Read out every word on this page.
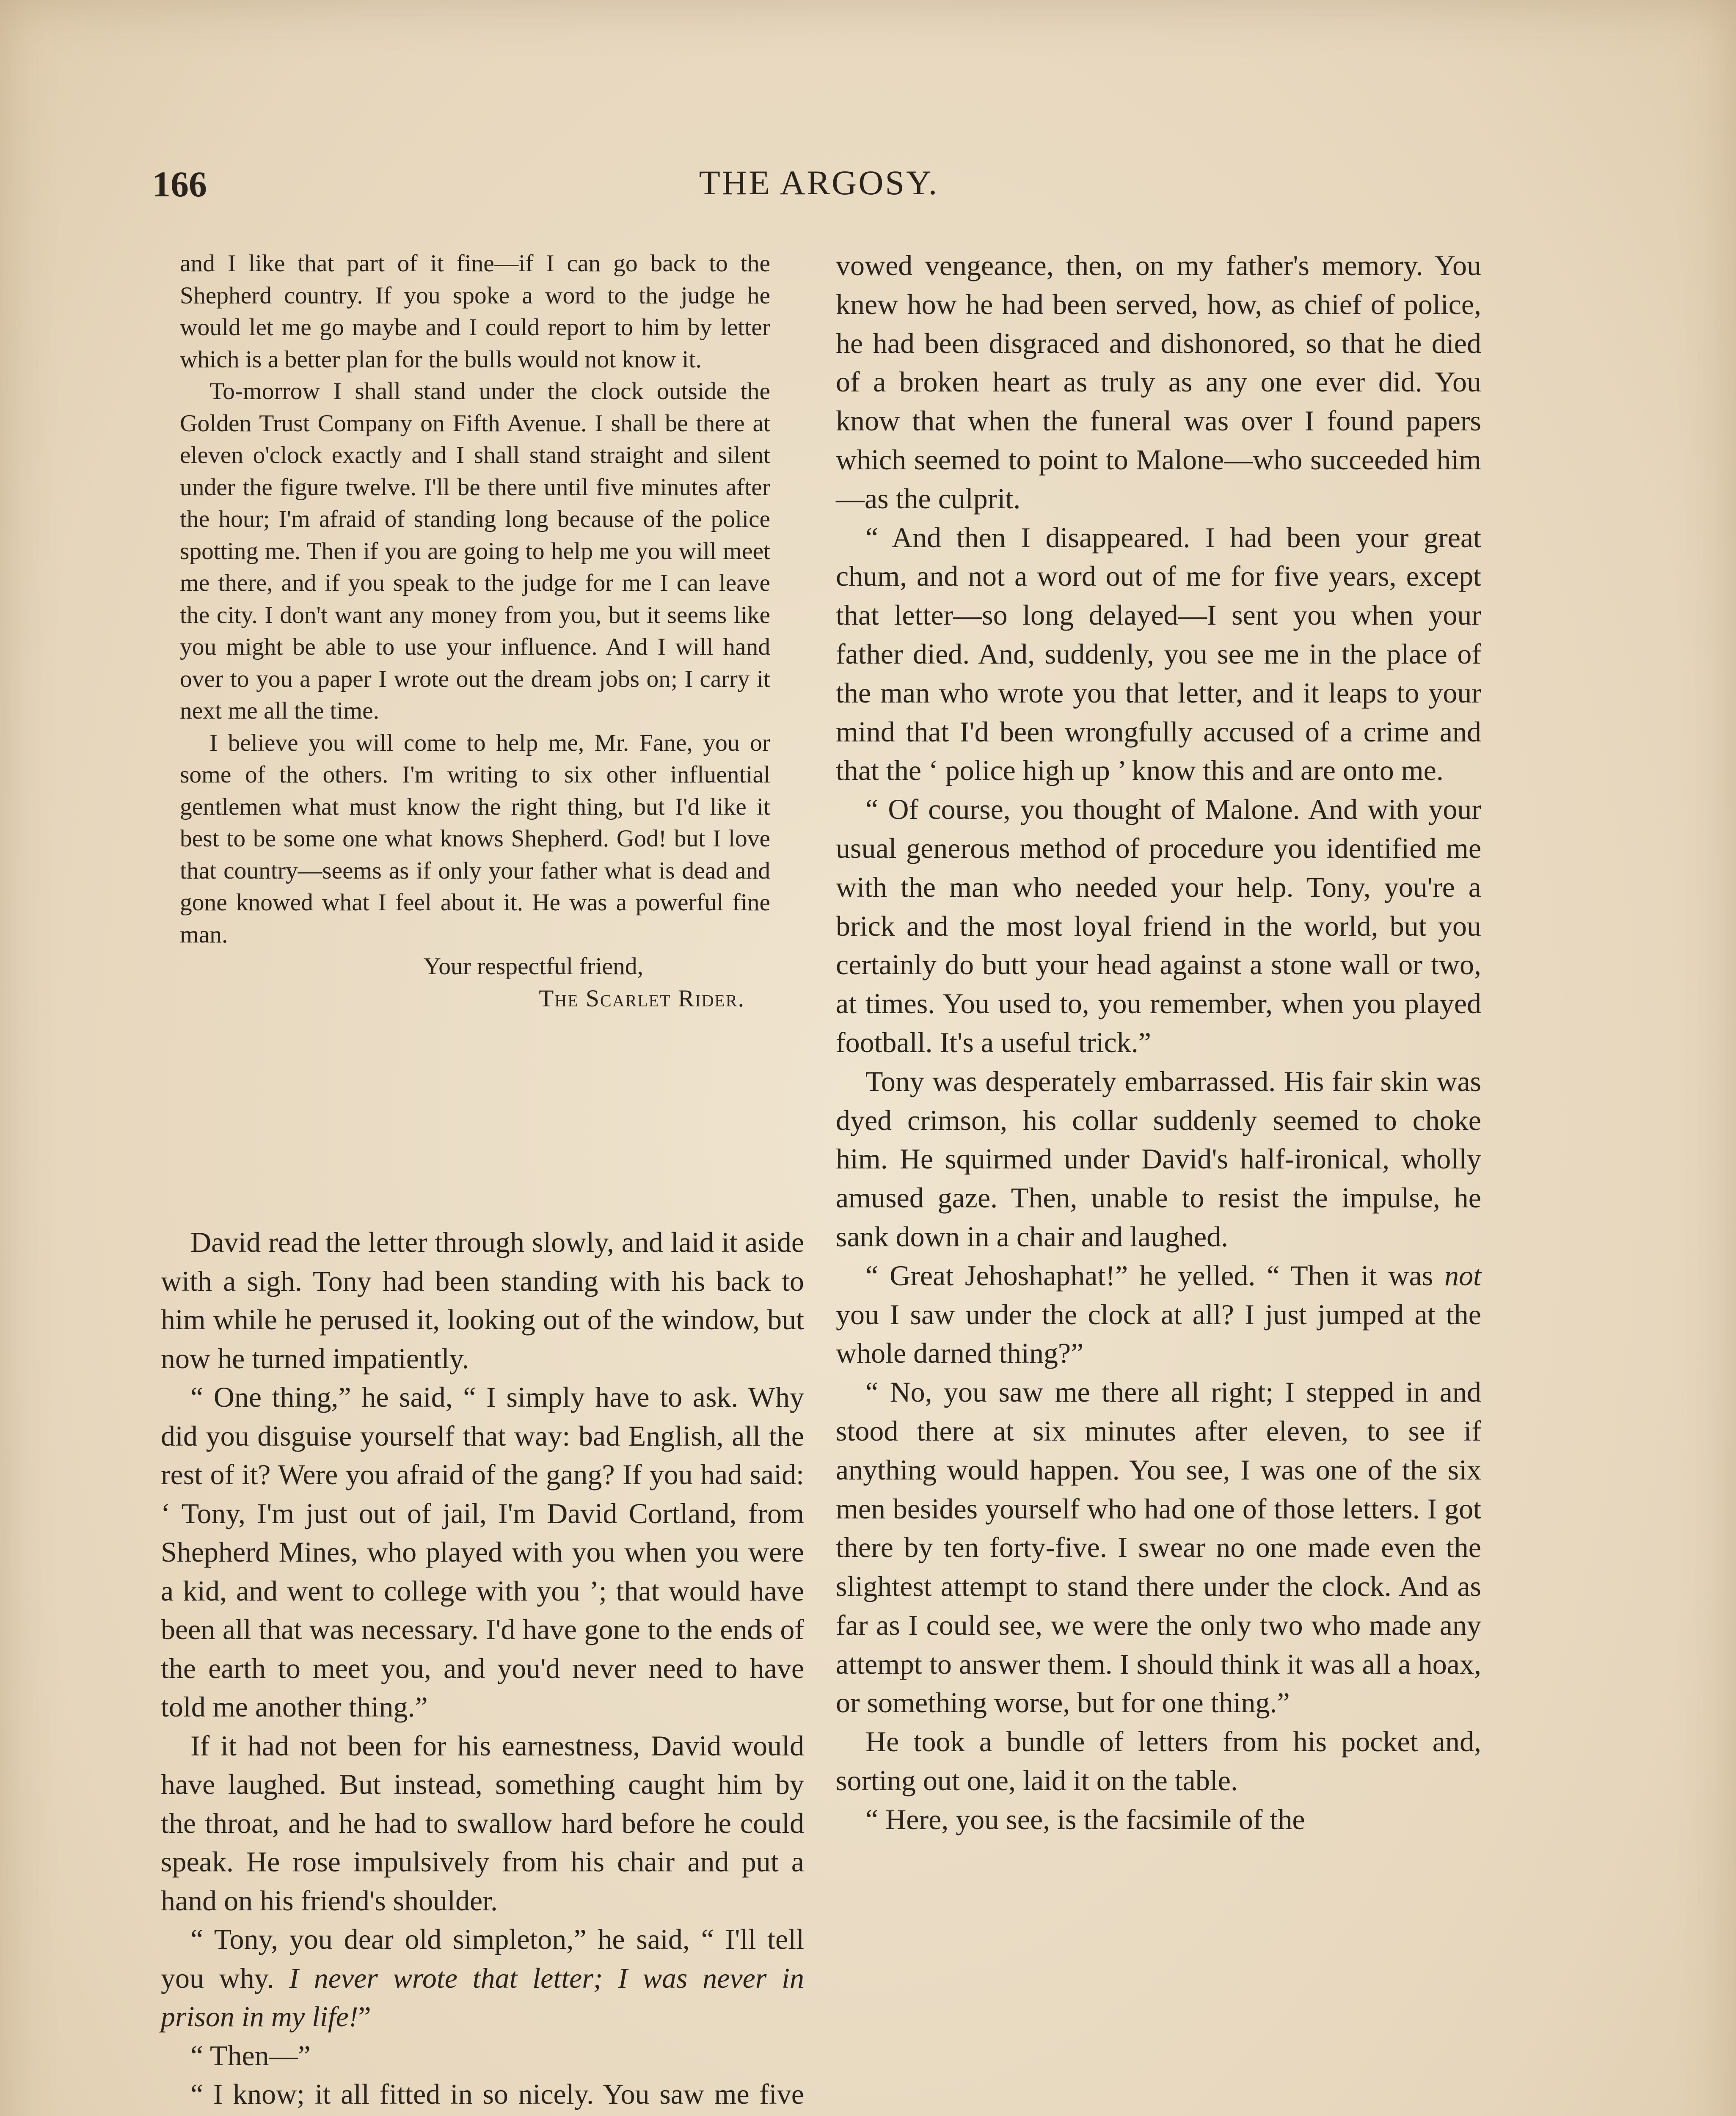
166	THE ARGOSY.

and I like that part of it fine—if I can go back to the Shepherd country. If you spoke a word to the judge he would let me go maybe and I could report to him by letter which is a better plan for the bulls would not know it.

To-morrow I shall stand under the clock outside the Golden Trust Company on Fifth Avenue. I shall be there at eleven o'clock exactly and I shall stand straight and silent under the figure twelve. I'll be there until five minutes after the hour; I'm afraid of standing long because of the police spotting me. Then if you are going to help me you will meet me there, and if you speak to the judge for me I can leave the city. I don't want any money from you, but it seems like you might be able to use your influence. And I will hand over to you a paper I wrote out the dream jobs on; I carry it next me all the time.

I believe you will come to help me, Mr. Fane, you or some of the others. I'm writing to six other influential gentlemen what must know the right thing, but I'd like it best to be some one what knows Shepherd. God! but I love that country—seems as if only your father what is dead and gone knowed what I feel about it. He was a powerful fine man.

Your respectful friend,
The Scarlet Rider.

David read the letter through slowly, and laid it aside with a sigh. Tony had been standing with his back to him while he perused it, looking out of the window, but now he turned impatiently.

“ One thing,” he said, “ I simply have to ask. Why did you disguise yourself that way: bad English, all the rest of it? Were you afraid of the gang? If you had said: ‘ Tony, I'm just out of jail, I'm David Cortland, from Shepherd Mines, who played with you when you were a kid, and went to college with you ’; that would have been all that was necessary. I'd have gone to the ends of the earth to meet you, and you'd never need to have told me another thing.”

If it had not been for his earnestness, David would have laughed. But instead, something caught him by the throat, and he had to swallow hard before he could speak. He rose impulsively from his chair and put a hand on his friend's shoulder.

“ Tony, you dear old simpleton,” he said, “ I'll tell you why. I never wrote that letter; I was never in prison in my life!”

“ Then—”

“ I know; it all fitted in so nicely. You saw me five

vowed vengeance, then, on my father's memory. You knew how he had been served, how, as chief of police, he had been disgraced and dishonored, so that he died of a broken heart as truly as any one ever did. You know that when the funeral was over I found papers which seemed to point to Malone—who succeeded him—as the culprit.

“ And then I disappeared. I had been your great chum, and not a word out of me for five years, except that letter—so long delayed—I sent you when your father died. And, suddenly, you see me in the place of the man who wrote you that letter, and it leaps to your mind that I'd been wrongfully accused of a crime and that the ‘ police high up ’ know this and are onto me.

“ Of course, you thought of Malone. And with your usual generous method of procedure you identified me with the man who needed your help. Tony, you're a brick and the most loyal friend in the world, but you certainly do butt your head against a stone wall or two, at times. You used to, you remember, when you played football. It's a useful trick.”

Tony was desperately embarrassed. His fair skin was dyed crimson, his collar suddenly seemed to choke him. He squirmed under David's half-ironical, wholly amused gaze. Then, unable to resist the impulse, he sank down in a chair and laughed.

“ Great Jehoshaphat!” he yelled. “ Then it was not you I saw under the clock at all? I just jumped at the whole darned thing?”

“ No, you saw me there all right; I stepped in and stood there at six minutes after eleven, to see if anything would happen. You see, I was one of the six men besides yourself who had one of those letters. I got there by ten forty-five. I swear no one made even the slightest attempt to stand there under the clock. And as far as I could see, we were the only two who made any attempt to answer them. I should think it was all a hoax, or something worse, but for one thing.”

He took a bundle of letters from his pocket and, sorting out one, laid it on the table.

“ Here, you see, is the facsimile of the
